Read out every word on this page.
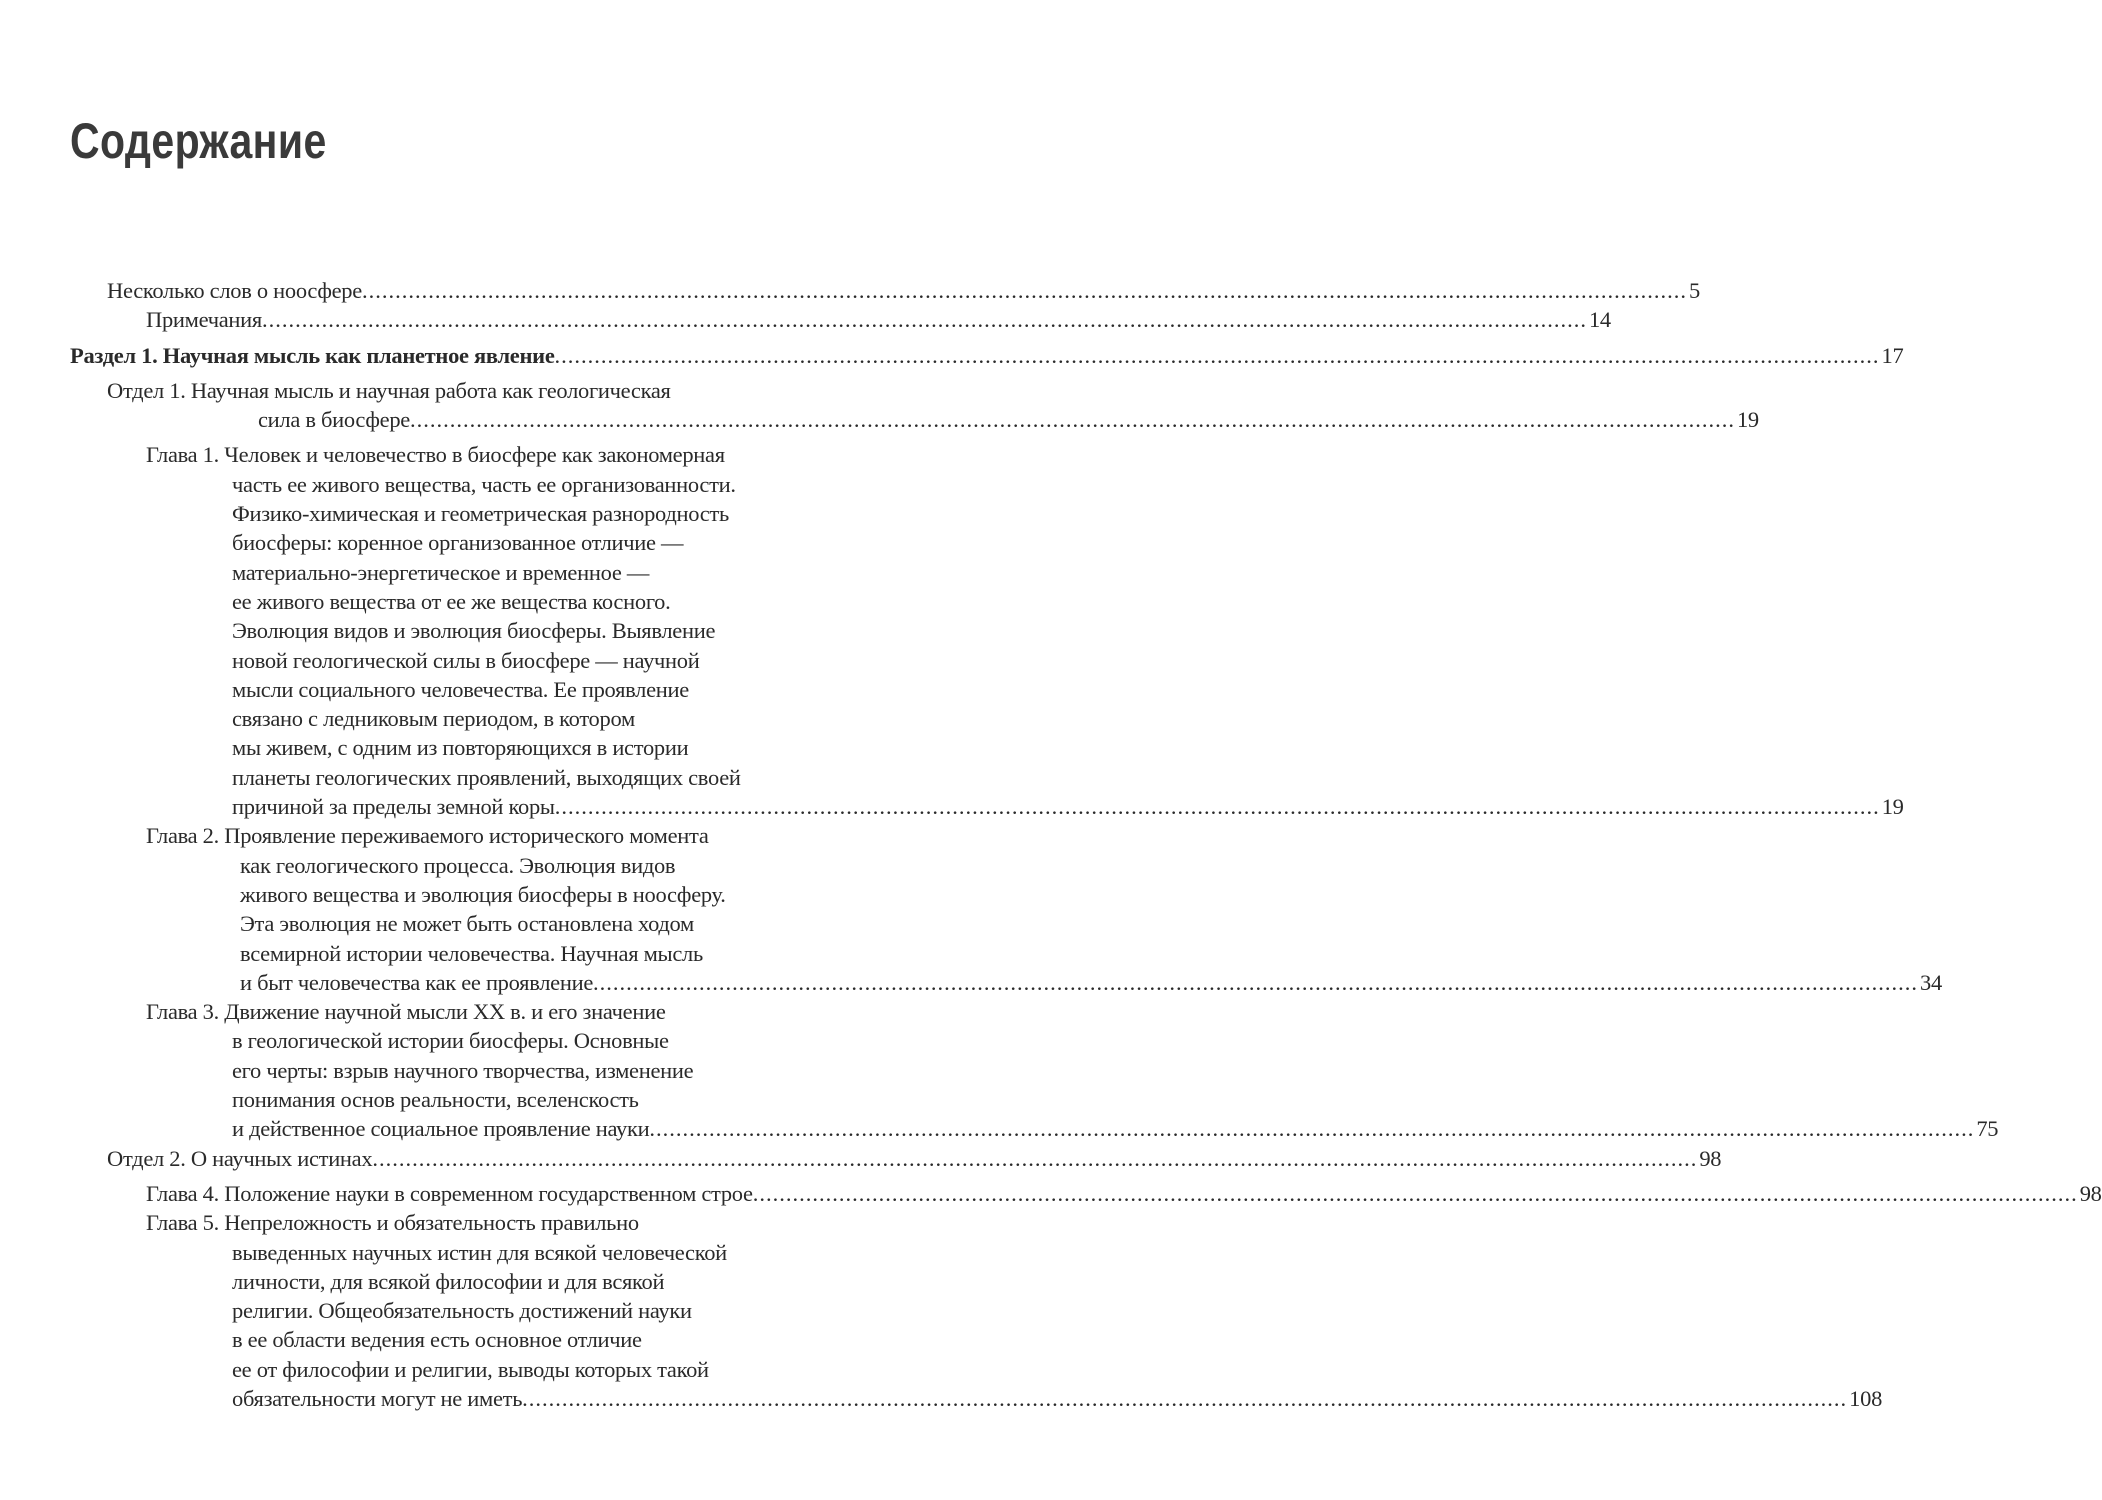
Содержание
Несколько слов о ноосфере ........................................................................................................................................................................................................ 5
Примечания ........................................................................................................................................................................................................ 14
Раздел 1. Научная мысль как планетное явление ........................................................................................................................................................................................................ 17
Отдел 1. Научная мысль и научная работа как геологическая
сила в биосфере ........................................................................................................................................................................................................ 19
Глава 1. Человек и человечество в биосфере как закономерная
часть ее живого вещества, часть ее организованности.
Физико-химическая и геометрическая разнородность
биосферы: коренное организованное отличие —
материально-энергетическое и временное —
ее живого вещества от ее же вещества косного.
Эволюция видов и эволюция биосферы. Выявление
новой геологической силы в биосфере — научной
мысли социального человечества. Ее проявление
связано с ледниковым периодом, в котором
мы живем, с одним из повторяющихся в истории
планеты геологических проявлений, выходящих своей
причиной за пределы земной коры ........................................................................................................................................................................................................ 19
Глава 2. Проявление переживаемого исторического момента
как геологического процесса. Эволюция видов
живого вещества и эволюция биосферы в ноосферу.
Эта эволюция не может быть остановлена ходом
всемирной истории человечества. Научная мысль
и быт человечества как ее проявление ........................................................................................................................................................................................................ 34
Глава 3. Движение научной мысли XX в. и его значение
в геологической истории биосферы. Основные
его черты: взрыв научного творчества, изменение
понимания основ реальности, вселенскость
и действенное социальное проявление науки ........................................................................................................................................................................................................ 75
Отдел 2. О научных истинах ........................................................................................................................................................................................................ 98
Глава 4. Положение науки в современном государственном строе ........................................................................................................................................................................................................ 98
Глава 5. Непреложность и обязательность правильно
выведенных научных истин для всякой человеческой
личности, для всякой философии и для всякой
религии. Общеобязательность достижений науки
в ее области ведения есть основное отличие
ее от философии и религии, выводы которых такой
обязательности могут не иметь ........................................................................................................................................................................................................ 108
